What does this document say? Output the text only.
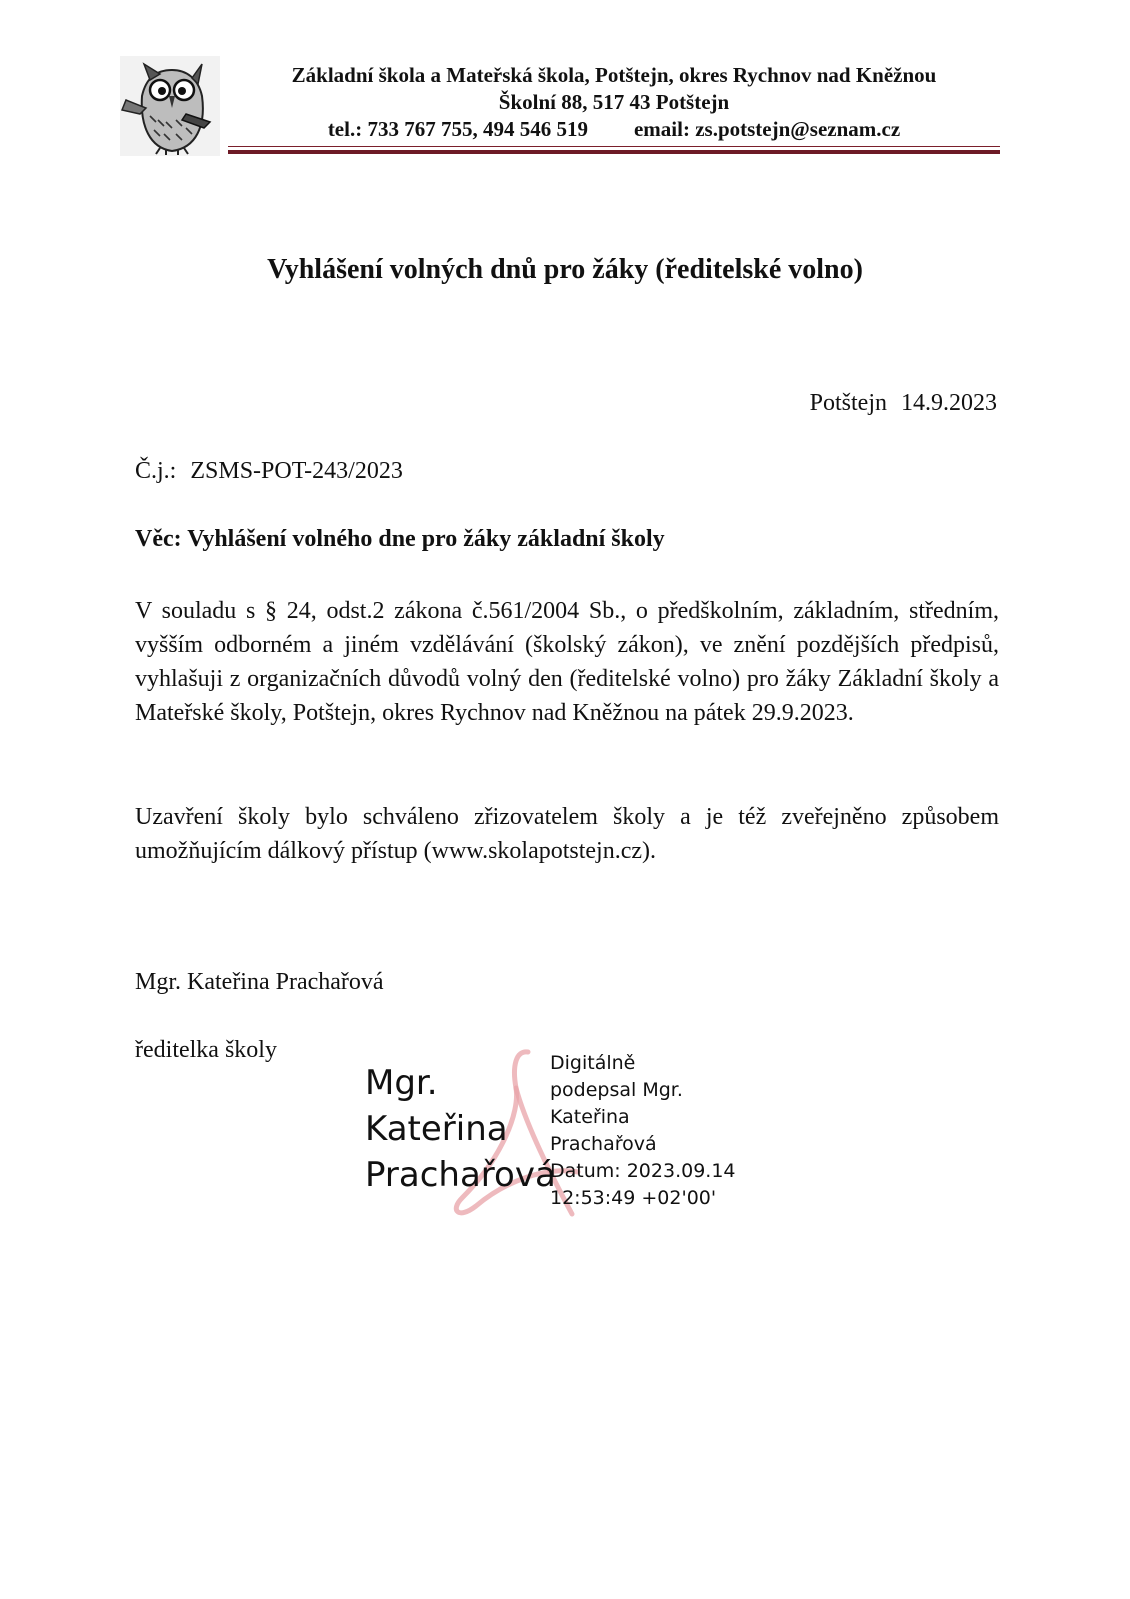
Základní škola a Mateřská škola, Potštejn, okres Rychnov nad Kněžnou
Školní 88, 517 43 Potštejn
tel.: 733 767 755, 494 546 519 email: zs.potstejn@seznam.cz
Vyhlášení volných dnů pro žáky (ředitelské volno)
Potštejn 14.9.2023
Č.j.: ZSMS-POT-243/2023
Věc: Vyhlášení volného dne pro žáky základní školy
V souladu s § 24, odst.2 zákona č.561/2004 Sb., o předškolním, základním, středním, vyšším odborném a jiném vzdělávání (školský zákon), ve znění pozdějších předpisů, vyhlašuji z organizačních důvodů volný den (ředitelské volno) pro žáky Základní školy a Mateřské školy, Potštejn, okres Rychnov nad Kněžnou na pátek 29.9.2023.
Uzavření školy bylo schváleno zřizovatelem školy a je též zveřejněno způsobem umožňujícím dálkový přístup (www.skolapotstejn.cz).
Mgr. Kateřina Prachařová
ředitelka školy
Mgr.
Kateřina
Prachařová
Digitálně
podepsal Mgr.
Kateřina
Prachařová
Datum: 2023.09.14
12:53:49 +02'00'
